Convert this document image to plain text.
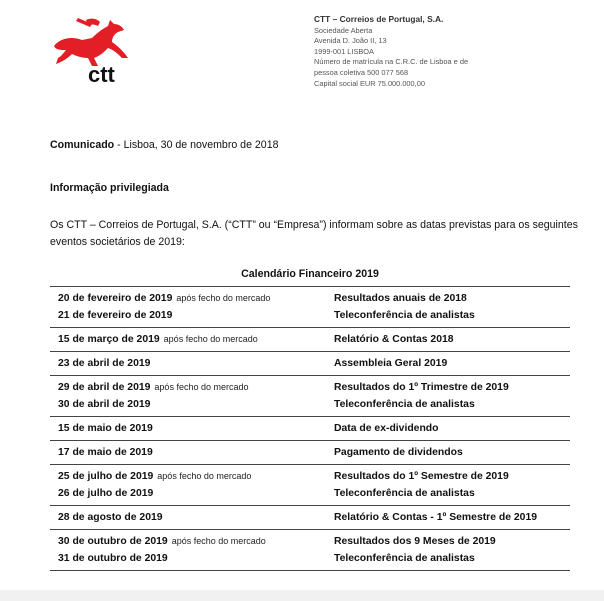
ctt
CTT – Correios de Portugal, S.A.
Sociedade Aberta
Avenida D. João II, 13
1999-001 LISBOA
Número de matrícula na C.R.C. de Lisboa e de
pessoa coletiva 500 077 568
Capital social EUR 75.000.000,00
Comunicado - Lisboa, 30 de novembro de 2018
Informação privilegiada
Os CTT – Correios de Portugal, S.A. (“CTT” ou “Empresa”) informam sobre as datas previstas para os seguintes eventos societários de 2019:
Calendário Financeiro 2019
20 de fevereiro de 2019 após fecho do mercado	Resultados anuais de 2018
21 de fevereiro de 2019	Teleconferência de analistas
15 de março de 2019 após fecho do mercado	Relatório & Contas 2018
23 de abril de 2019	Assembleia Geral 2019
29 de abril de 2019 após fecho do mercado	Resultados do 1º Trimestre de 2019
30 de abril de 2019	Teleconferência de analistas
15 de maio de 2019	Data de ex-dividendo
17 de maio de 2019	Pagamento de dividendos
25 de julho de 2019 após fecho do mercado	Resultados do 1º Semestre de 2019
26 de julho de 2019	Teleconferência de analistas
28 de agosto de 2019	Relatório & Contas - 1º Semestre de 2019
30 de outubro de 2019 após fecho do mercado	Resultados dos 9 Meses de 2019
31 de outubro de 2019	Teleconferência de analistas
